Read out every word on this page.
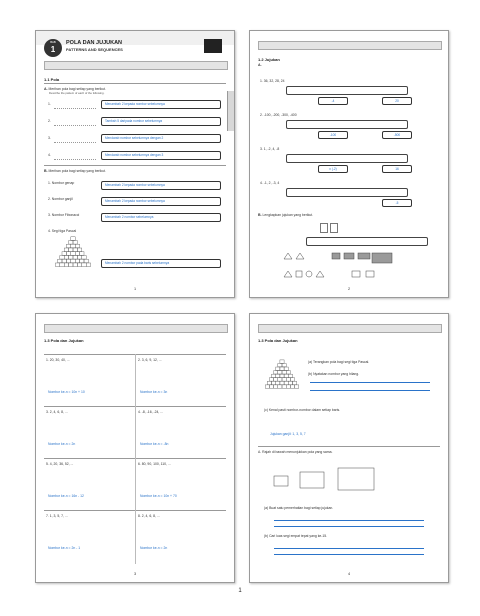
BAB
1
POLA DAN JUJUKAN
PATTERNS AND SEQUENCES
1.1 Pola
A. Merihan pola bagi setiap yang berikut.
Describe the pattern of each of the following.
1.	Menambah 2 kepada nombor sebelumnya
2.	Tambah 5 daripada nombor sebelumnya
3.	Mendarab nombor sebelumnya dengan 2
4.	Mendarab nombor sebelumnya dengan 3
B. Merihan pola bagi setiap yang berikut.
1. Nombor genap	Menambah 2 kepada nombor sebelumnya
2. Nombor ganjil	Menambah 2 kepada nombor sebelumnya
3. Nombor Fibonacci	Menambah 2 nombor sebelumnya
4. Segi tiga Pascal
Menambah 2 nombor pada baris sebelumnya
1
1.2 Jujukan
A.
1. 36, 32, 28, 24
-4	20
2. -100, -200, -300, -400
-100	-500
3. 1, -2, 4, -8
x (-2)	16
4. -1, 2, -3, 4
-5
B. Lengkapkan jujukan yang berikut.
2
1.3 Pola dan Jujukan
1. 20, 30, 40, ...
Nombor ke-n = 10n + 10
2. 3, 6, 9, 12, ...
Nombor ke-n = 3n
3. 2, 4, 6, 8, ...
Nombor ke-n = 2n
4. -8, -16, -24, ...
Nombor ke-n = -8n
5. 4, 20, 36, 52, ...
Nombor ke-n = 16n - 12
6. 80, 90, 100, 110, ...
Nombor ke-n = 10n + 70
7. 1, 3, 5, 7, ...
Nombor ke-n = 2n - 1
8. 2, 4, 6, 8, ...
Nombor ke-n = 2n
3
1.3 Pola dan Jujukan
(a) Terangkan pola bagi segi tiga Pascal.
(b) Nyatakan nombor yang hilang.
(c) Kenal pasti nombor-nombor dalam setiap baris.
Jujukan ganjil: 1, 3, 5, 7
A. Rajah di bawah menunjukkan pola yang sama.
(a) Buat satu pemerhatian bagi setiap jujukan.
(b) Cari luas segi empat tepat yang ke-15.
4
1
